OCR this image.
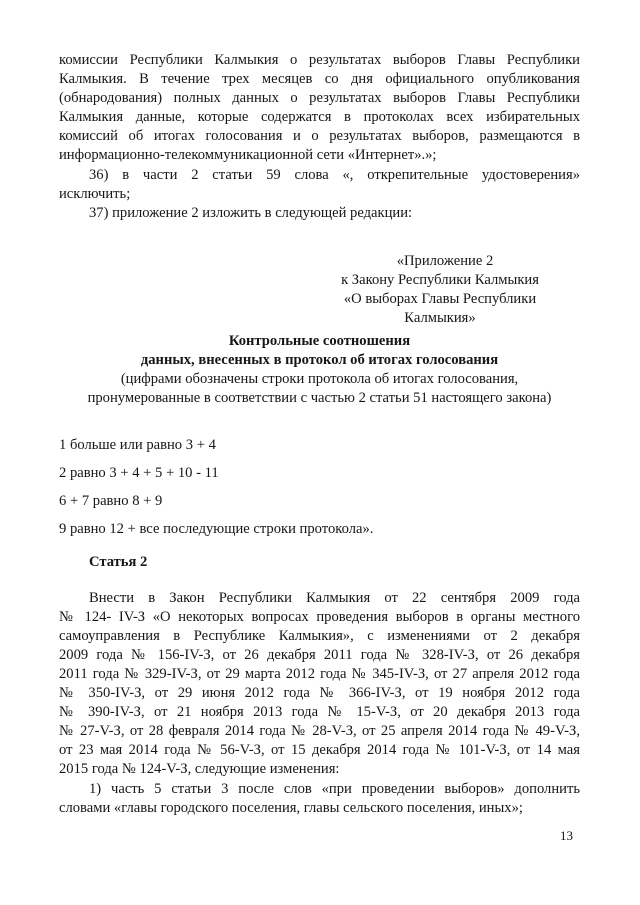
комиссии Республики Калмыкия о результатах выборов Главы Республики

Калмыкия. В течение трех месяцев со дня официального опубликования

(обнародования) полных данных о результатах выборов Главы Республики

Калмыкия данные, которые содержатся в протоколах всех избирательных

комиссий об итогах голосования и о результатах выборов, размещаются в

информационно-телекоммуникационной сети «Интернет».»;

36) в части 2 статьи 59 слова «, открепительные удостоверения»

исключить;

37) приложение 2 изложить в следующей редакции:

«Приложение 2

к Закону Республики Калмыкия

«О выборах Главы Республики

Калмыкия»

Контрольные соотношения

данных, внесенных в протокол об итогах голосования

(цифрами обозначены строки протокола об итогах голосования,

пронумерованные в соответствии с частью 2 статьи 51 настоящего закона)

1 больше или равно 3 + 4

2 равно 3 + 4 + 5 + 10 - 11

6 + 7 равно 8 + 9

9 равно 12 + все последующие строки протокола».

Статья 2

Внести в Закон Республики Калмыкия от 22 сентября 2009 года

№ 124- IV-З «О некоторых вопросах проведения выборов в органы местного

самоуправления в Республике Калмыкия», с изменениями от 2 декабря

2009 года № 156-IV-З, от 26 декабря 2011 года № 328-IV-З, от 26 декабря

2011 года № 329-IV-З, от 29 марта 2012 года № 345-IV-З, от 27 апреля 2012 года

№ 350-IV-З, от 29 июня 2012 года № 366-IV-З, от 19 ноября 2012 года

№ 390-IV-З, от 21 ноября 2013 года № 15-V-З, от 20 декабря 2013 года

№ 27-V-З, от 28 февраля 2014 года № 28-V-З, от 25 апреля 2014 года № 49-V-З,

от 23 мая 2014 года № 56-V-З, от 15 декабря 2014 года № 101-V-З, от 14 мая

2015 года № 124-V-З, следующие изменения:

1) часть 5 статьи 3 после слов «при проведении выборов» дополнить

словами «главы городского поселения, главы сельского поселения, иных»;

13
